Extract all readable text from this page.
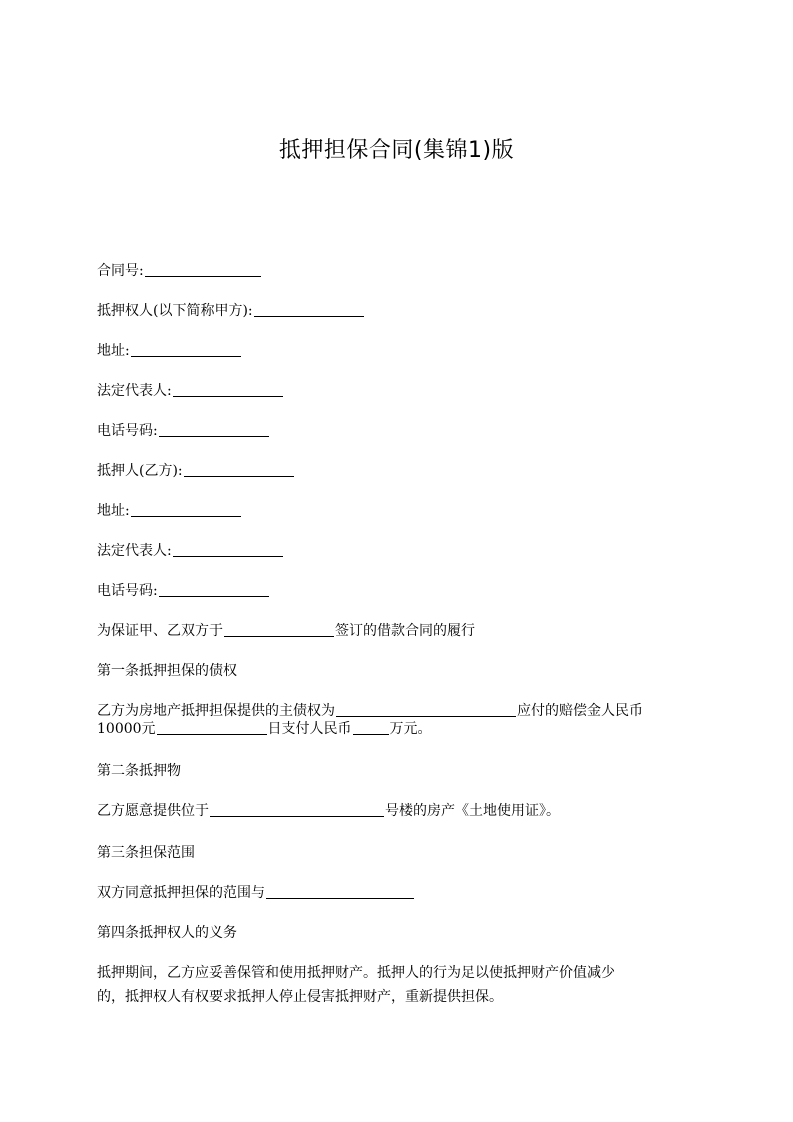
抵押担保合同(集锦1)版
合同号:
抵押权人(以下简称甲方):
地址:
法定代表人:
电话号码:
抵押人(乙方):
地址:
法定代表人:
电话号码:
为保证甲、乙双方于	签订的借款合同的履行
第一条抵押担保的债权
乙方为房地产抵押担保提供的主债权为	应付的赔偿金人民币
10000元	日支付人民币	万元。
第二条抵押物
乙方愿意提供位于	号楼的房产《土地使用证》。
第三条担保范围
双方同意抵押担保的范围与
第四条抵押权人的义务
抵押期间，乙方应妥善保管和使用抵押财产。抵押人的行为足以使抵押财产价值减少
的，抵押权人有权要求抵押人停止侵害抵押财产，重新提供担保。
